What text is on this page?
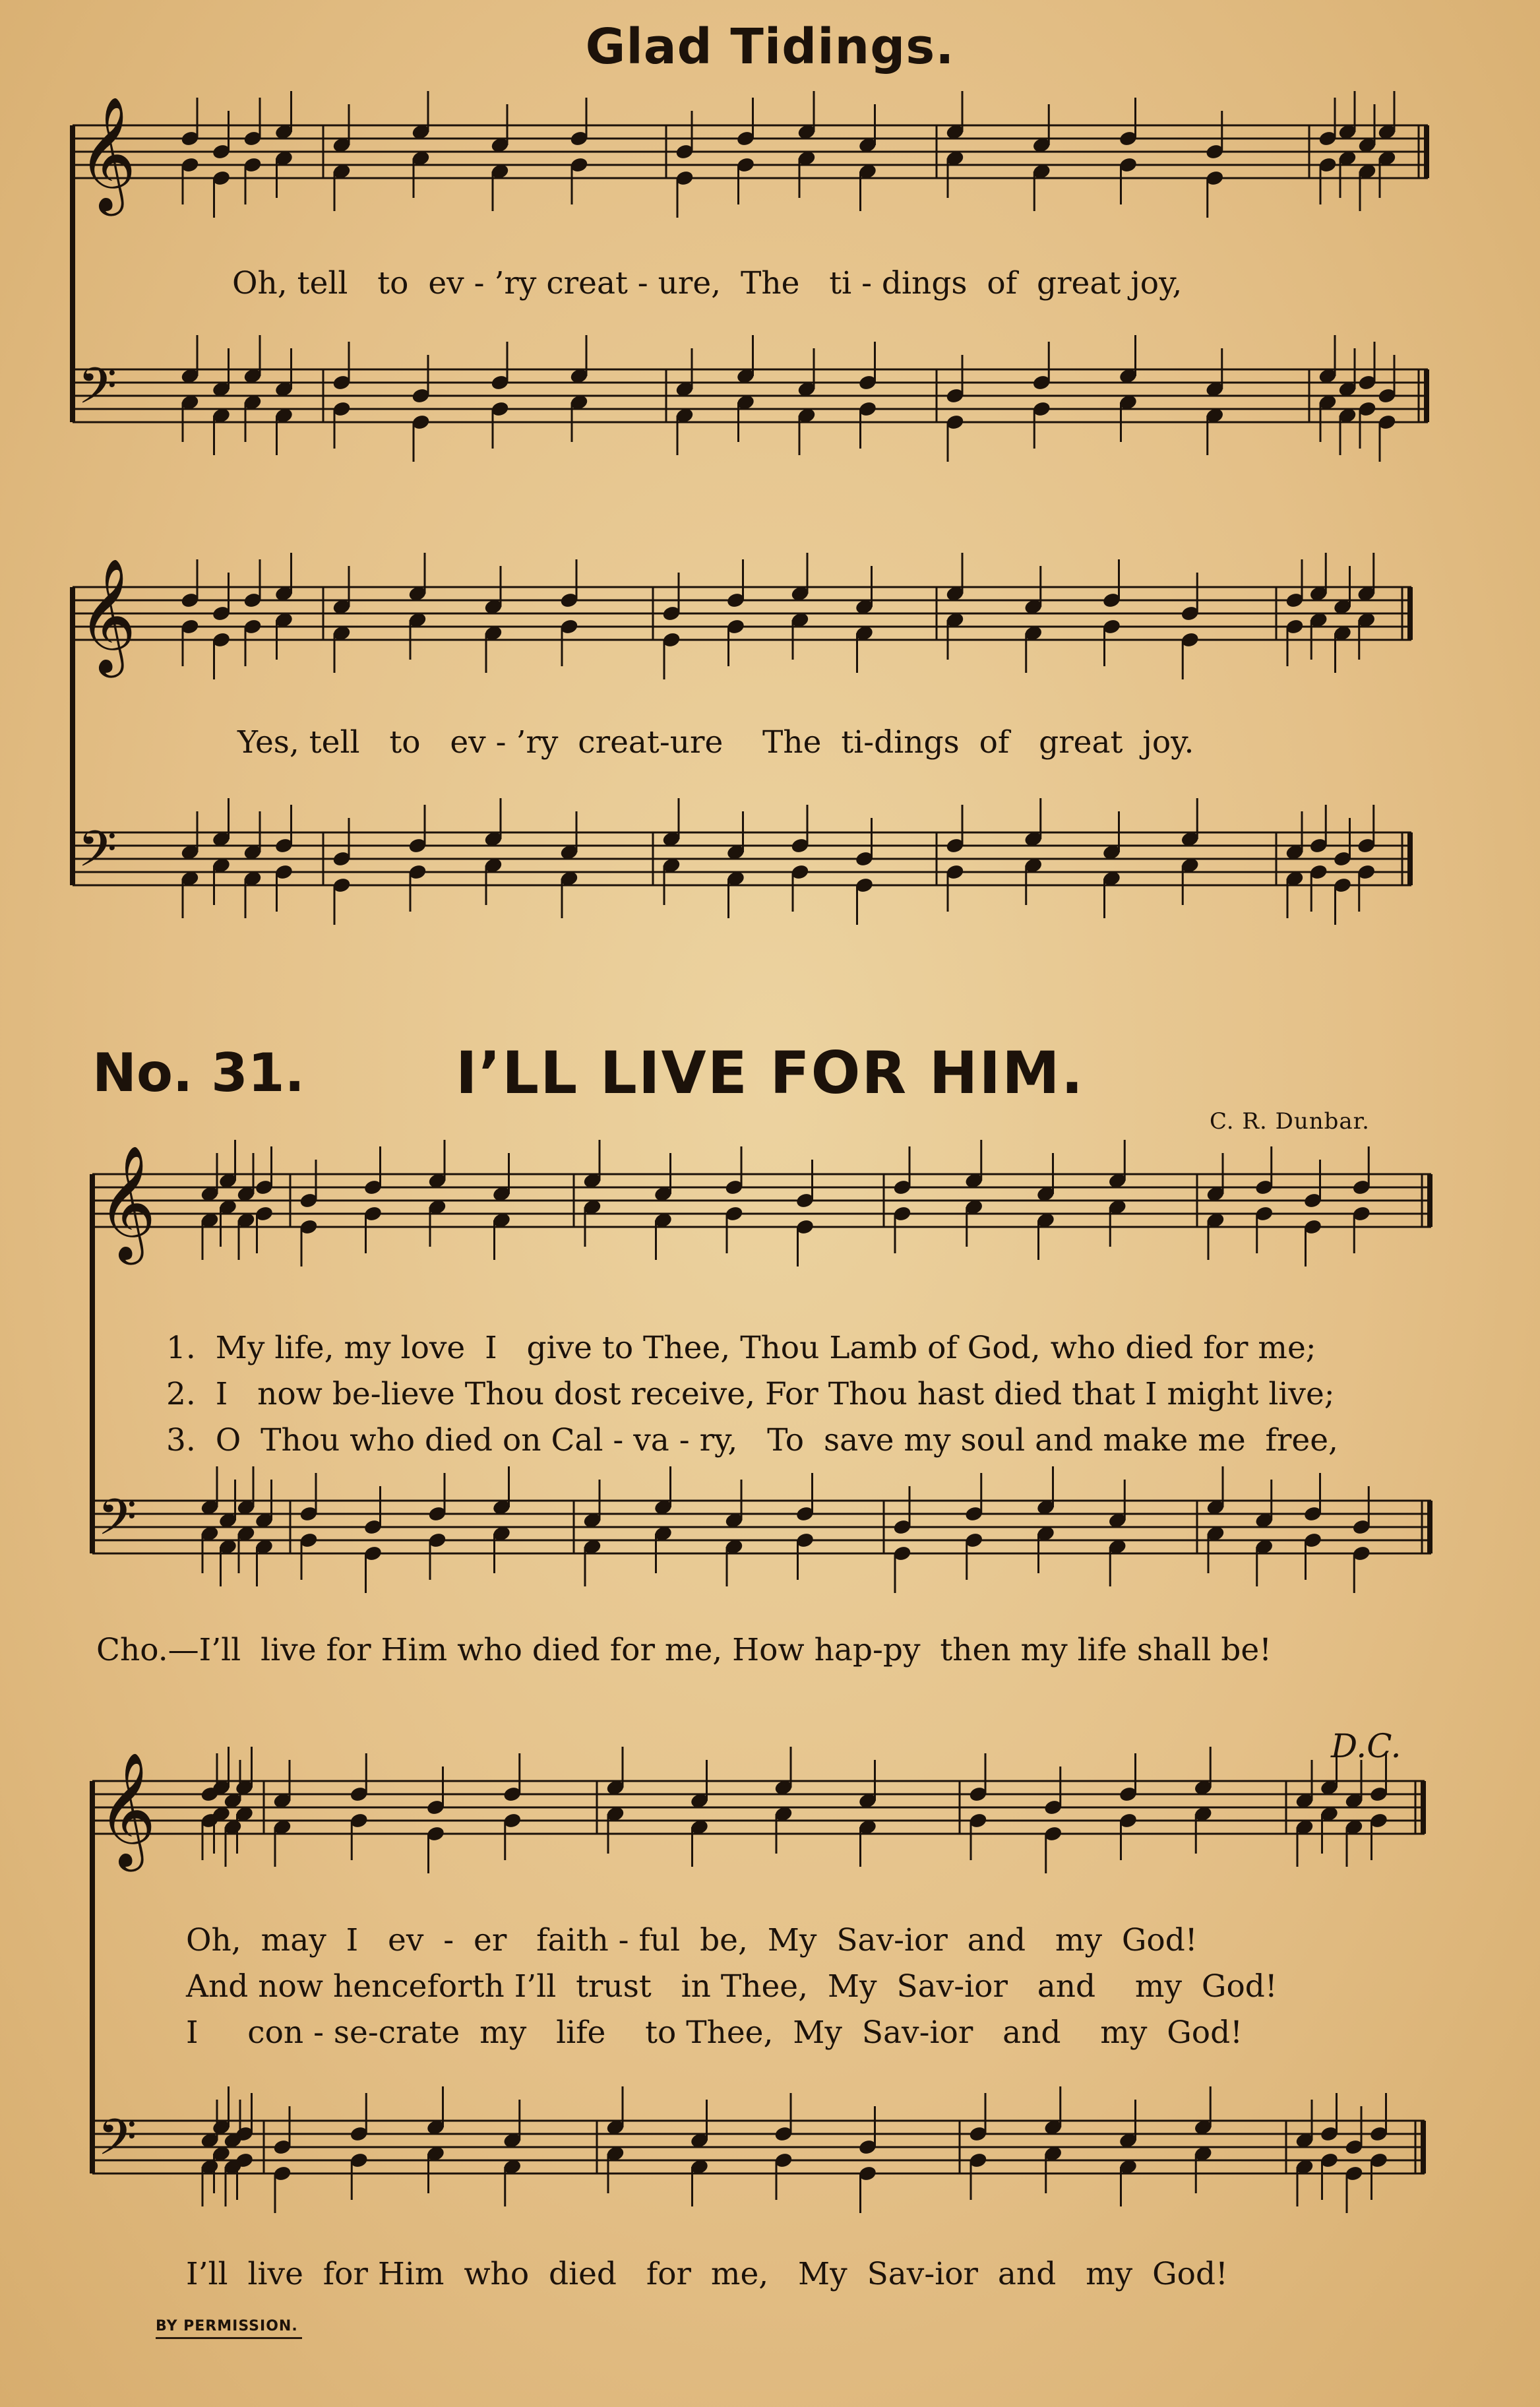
Glad Tidings.
𝄞
𝄢
𝄞
𝄢
𝄞
𝄢
𝄞
𝄢
Oh, tell   to  ev - ’ry creat - ure,  The   ti - dings  of  great joy,
Yes, tell   to   ev - ’ry  creat-ure    The  ti-dings  of   great  joy.
No. 31.	I’LL LIVE FOR HIM.
C. R. Dunbar.
1.  My life, my love  I   give to Thee, Thou Lamb of God, who died for me;
2.  I   now be-lieve Thou dost receive, For Thou hast died that I might live;
3.  O  Thou who died on Cal - va - ry,   To  save my soul and make me  free,
Cho.—I’ll  live for Him who died for me, How hap-py  then my life shall be!
D.C.
Oh,  may  I   ev  -  er   faith - ful  be,  My  Sav-ior  and   my  God!
And now henceforth I’ll  trust   in Thee,  My  Sav-ior   and    my  God!
I     con - se-crate  my   life    to Thee,  My  Sav-ior   and    my  God!
I’ll  live  for Him  who  died   for  me,   My  Sav-ior  and   my  God!
BY PERMISSION.
